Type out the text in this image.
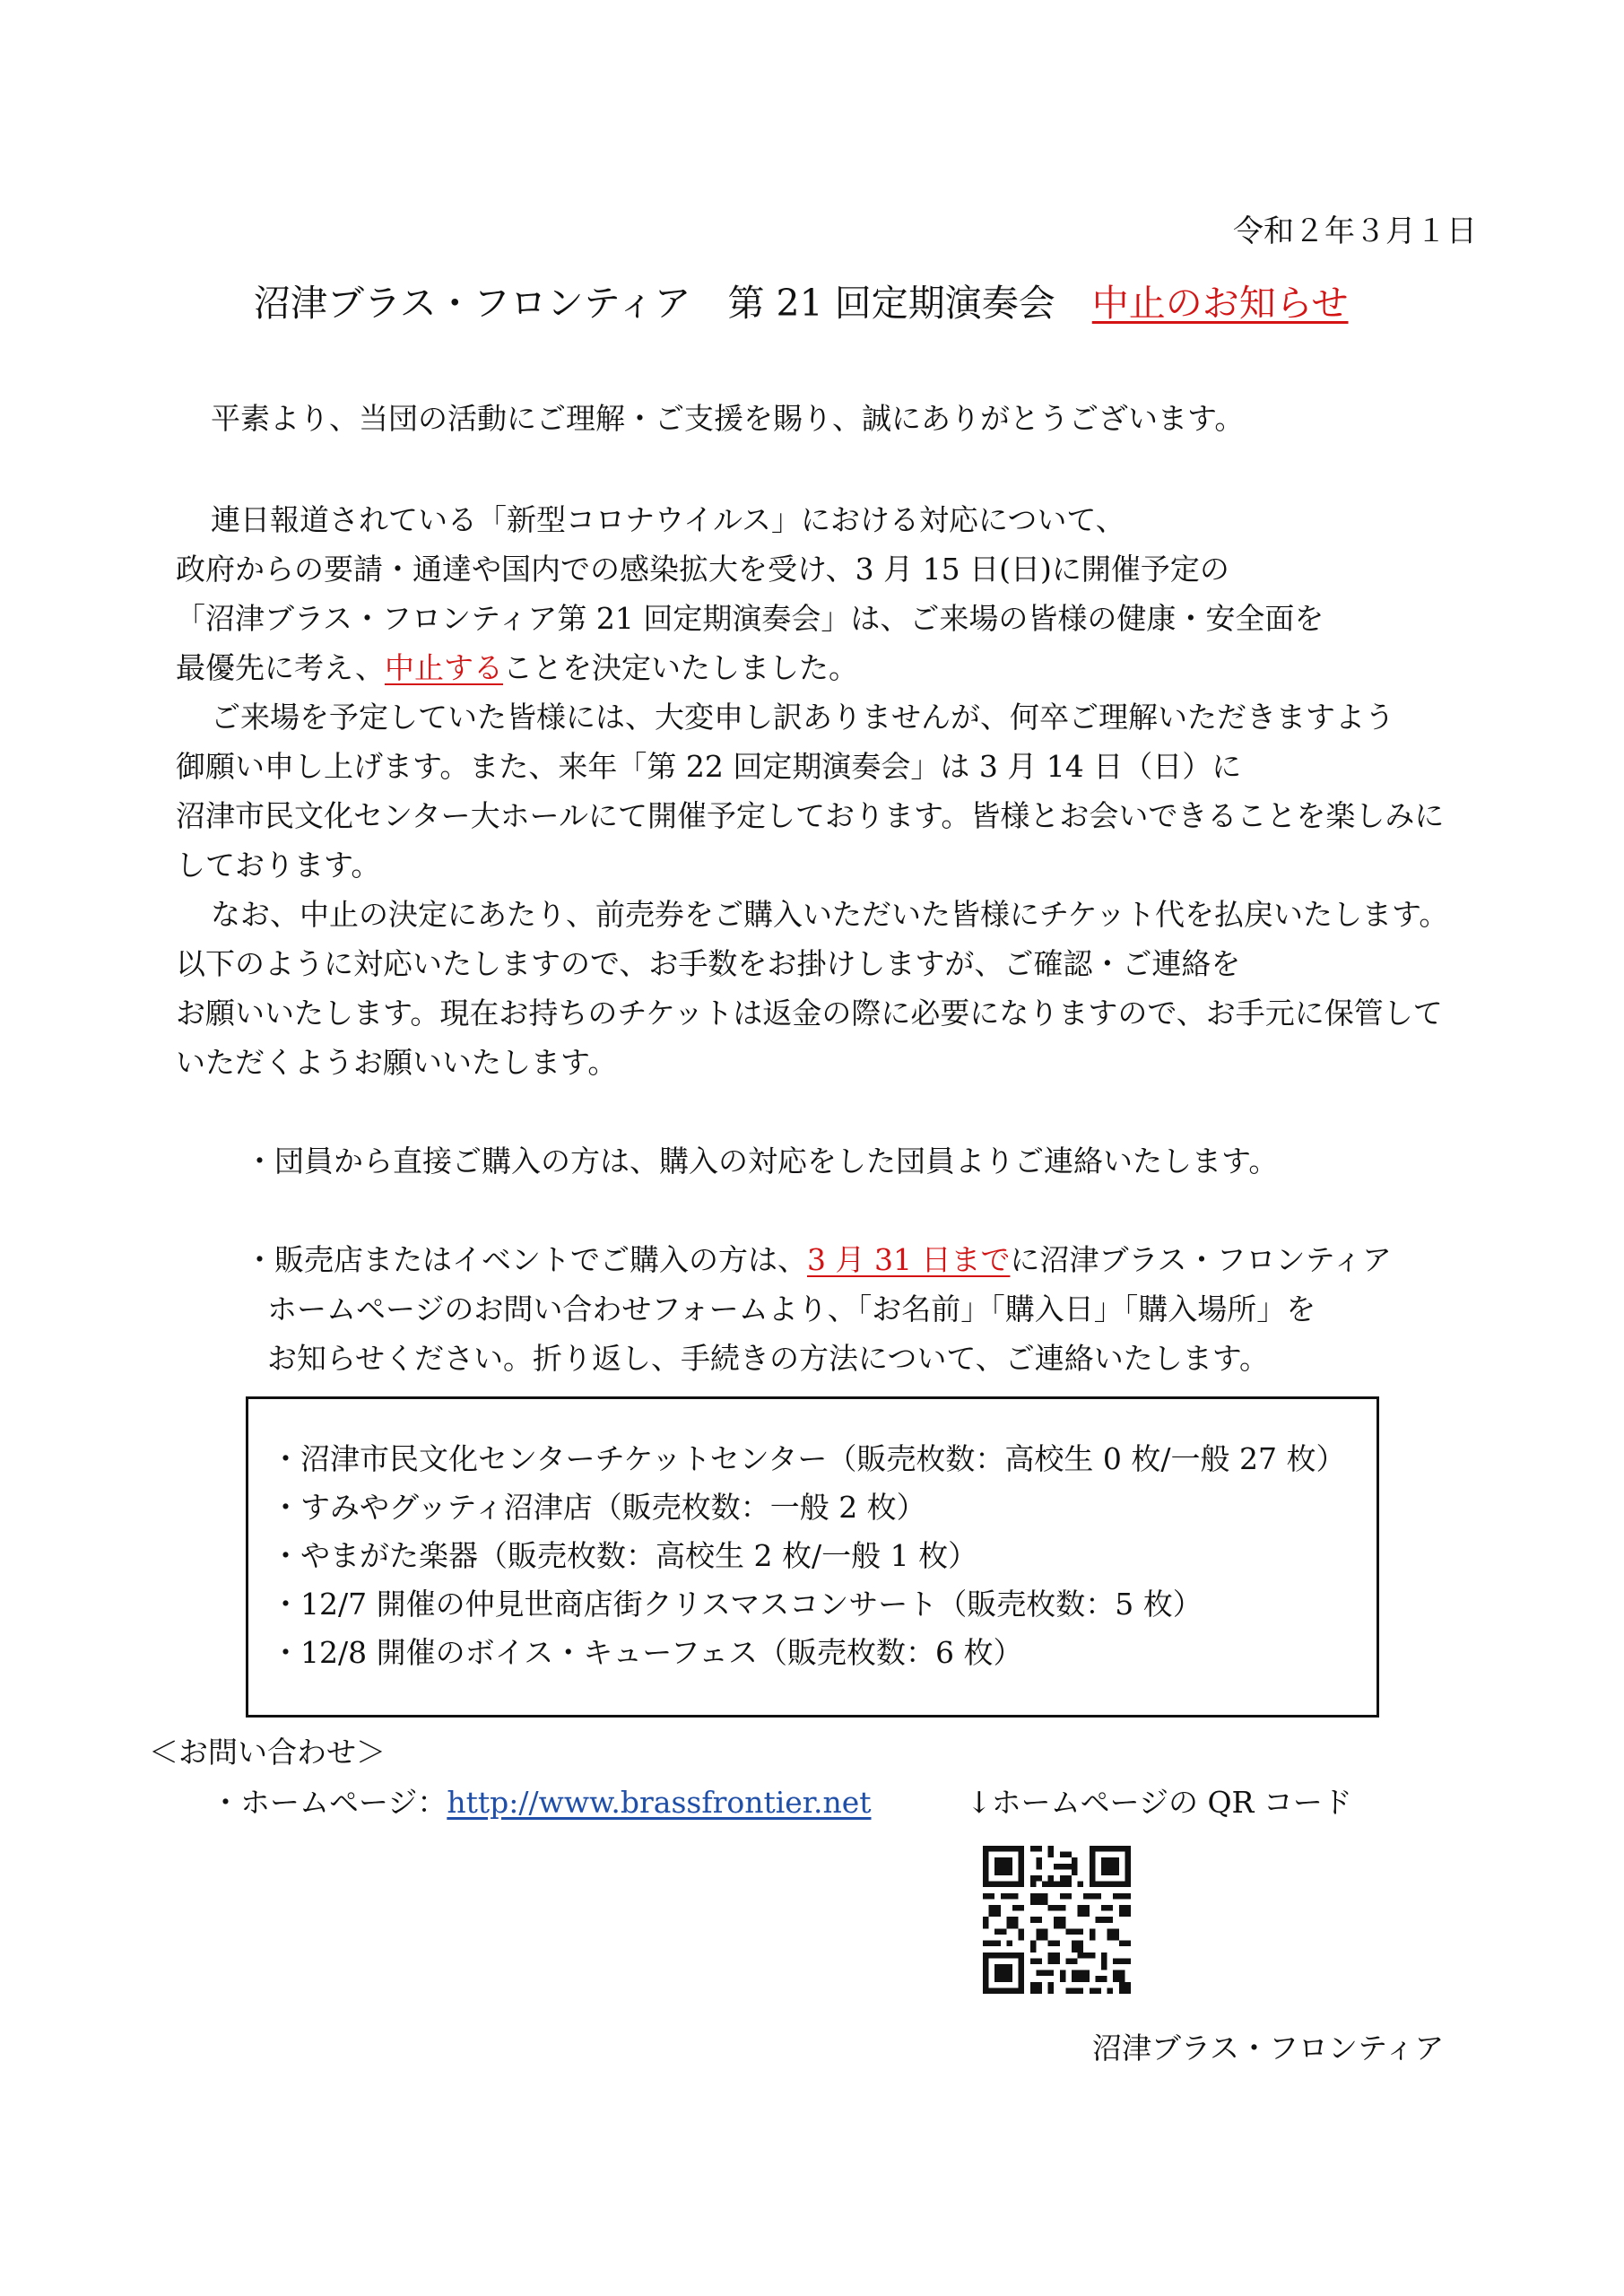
令和２年３月１日
沼津ブラス・フロンティア　第 21 回定期演奏会　中止のお知らせ
平素より、当団の活動にご理解・ご支援を賜り、誠にありがとうございます。
連日報道されている「新型コロナウイルス」における対応について、
政府からの要請・通達や国内での感染拡大を受け、3 月 15 日(日)に開催予定の
「沼津ブラス・フロンティア第 21 回定期演奏会」は、ご来場の皆様の健康・安全面を
最優先に考え、中止することを決定いたしました。
ご来場を予定していた皆様には、大変申し訳ありませんが、何卒ご理解いただきますよう
御願い申し上げます。また、来年「第 22 回定期演奏会」は 3 月 14 日（日）に
沼津市民文化センター大ホールにて開催予定しております。皆様とお会いできることを楽しみに
しております。
なお、中止の決定にあたり、前売券をご購入いただいた皆様にチケット代を払戻いたします。
以下のように対応いたしますので、お手数をお掛けしますが、ご確認・ご連絡を
お願いいたします。現在お持ちのチケットは返金の際に必要になりますので、お手元に保管して
いただくようお願いいたします。
・団員から直接ご購入の方は、購入の対応をした団員よりご連絡いたします。
・販売店またはイベントでご購入の方は、3 月 31 日までに沼津ブラス・フロンティア
ホームページのお問い合わせフォームより、「お名前」「購入日」「購入場所」を
お知らせください。折り返し、手続きの方法について、ご連絡いたします。
・沼津市民文化センターチケットセンター（販売枚数：高校生 0 枚/一般 27 枚）
・すみやグッティ沼津店（販売枚数：一般 2 枚）
・やまがた楽器（販売枚数：高校生 2 枚/一般 1 枚）
・12/7 開催の仲見世商店街クリスマスコンサート（販売枚数：5 枚）
・12/8 開催のボイス・キューフェス（販売枚数：6 枚）
＜お問い合わせ＞
・ホームページ：http://www.brassfrontier.net	↓ホームページの QR コード
沼津ブラス・フロンティア
